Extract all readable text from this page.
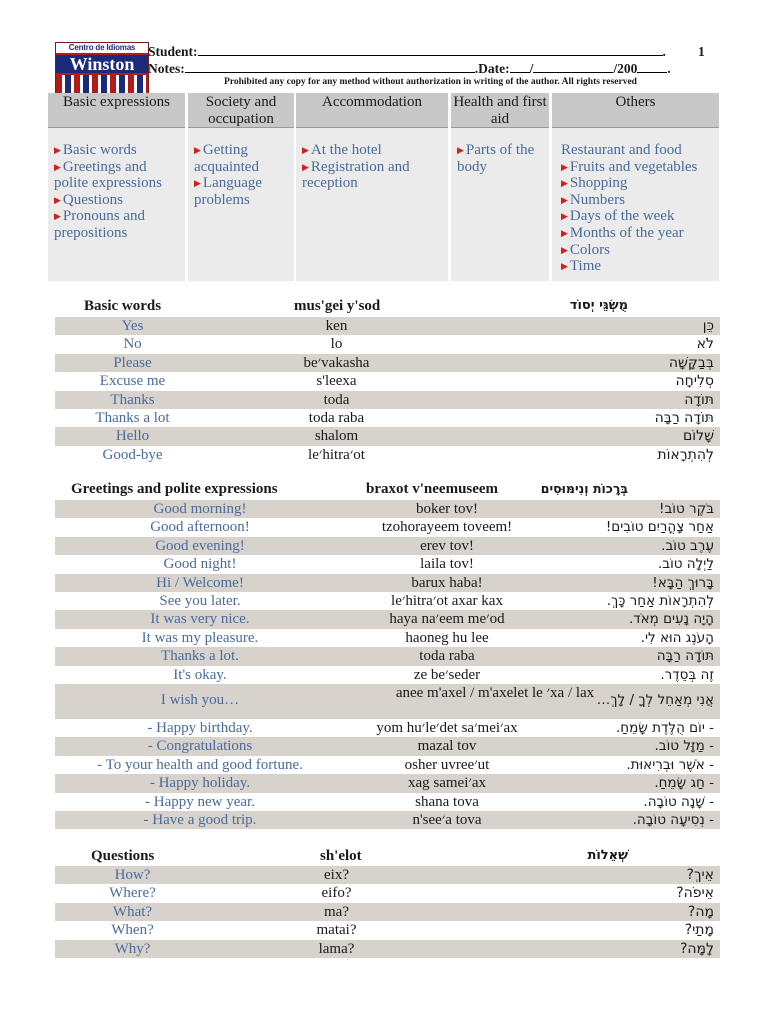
Centro de Idiomas
Winston
Student:	. 1
Notes:	.Date: /	/200 .
Prohibited any copy for any method without authorization in writing of the author. All rights reserved
Basic expressions
▶ Basic words
▶ Greetings and polite expressions
▶ Questions
▶ Pronouns and prepositions
Society and occupation
▶ Getting acquainted
▶ Language problems
Accommodation
▶ At the hotel
▶ Registration and reception
Health and first aid
▶ Parts of the body
Others
Restaurant and food
▶ Fruits and vegetables
▶ Shopping
▶ Numbers
▶ Days of the week
▶ Months of the year
▶ Colors
▶ Time
Basic words	mus'gei y'sod	מֻשְׂגֵּי יְסוֹד
Yes	ken	כֵּן
No	lo	לֹא
Please	be׳vakasha	בְּבַקָּשָׁה
Excuse me	s'leexa	סְלִיחָה
Thanks	toda	תּוֹדָה
Thanks a lot	toda raba	תּוֹדָה רַבָּה
Hello	shalom	שָׁלוֹם
Good-bye	le׳hitra׳ot	לְהִתְרָאוֹת
Greetings and polite expressions	braxot v'neemuseem	בְּרָכוֹת וְנִימּוּסִים
Good morning!	boker tov!	בֹּקֶר טוֹב!
Good afternoon!	tzohorayeem toveem!	אַחַר צָהֳרַיִם טוֹבִים!
Good evening!	erev tov!	עֶרֶב טוֹב.
Good night!	laila tov!	לַיְלָה טוֹב.
Hi / Welcome!	barux haba!	בָּרוּךְ הַבָּא!
See you later.	le׳hitra׳ot axar kax	לְהִתְרָאוֹת אַחַר כָּךְ.
It was very nice.	haya na׳eem me׳od	הָיָה נָעִים מְאֹד.
It was my pleasure.	haoneg hu lee	הָעֹנֶג הוּא לִי.
Thanks a lot.	toda raba	תּוֹדָה רַבָּה
It's okay.	ze be׳seder	זֶה בְּסֵדֶר.
I wish you…	anee m'axel / m'axelet le ׳xa / lax אֲנִי מְאַחֵל לְךָ / לָךְ…
- Happy birthday.	yom hu׳le׳det sa׳mei׳ax	- יוֹם הֻלֶּדֶת שָׂמֵחַ.
- Congratulations	mazal tov	- מַזָּל טוֹב.
- To your health and good fortune.	osher uvree׳ut	- אֹשֶׁר וּבְרִיאוּת.
- Happy holiday.	xag samei׳ax	- חַג שָׂמֵחַ.
- Happy new year.	shana tova	- שָׁנָה טוֹבָה.
- Have a good trip.	n'see׳a tova	- נְסִיעָה טוֹבָה.
Questions	sh'elot	שְׁאֵלוֹת
How?	eix?	אֵיךְ?
Where?	eifo?	אֵיפֹה?
What?	ma?	מָה?
When?	matai?	מָתַי?
Why?	lama?	לָמָּה?
